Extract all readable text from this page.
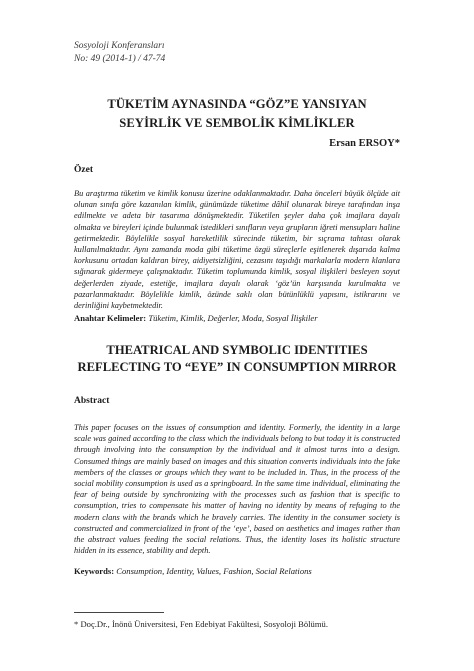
Sosyoloji Konferansları
No: 49 (2014-1) / 47-74
TÜKETİM AYNASINDA “GÖZ”E YANSIYAN
SEYİRLİK VE SEMBOLİK KİMLİKLER
Ersan ERSOY*
Özet
Bu araştırma tüketim ve kimlik konusu üzerine odaklanmaktadır. Daha önceleri büyük ölçüde ait olunan sınıfa göre kazanılan kimlik, günümüzde tüketime dâhil olunarak bireye tarafından inşa edilmekte ve adeta bir tasarıma dönüşmektedir. Tüketilen şeyler daha çok imajlara dayalı olmakta ve bireyleri içinde bulunmak istedikleri sınıfların veya grupların iğreti mensupları haline getirmektedir. Böylelikle sosyal hareketlilik sürecinde tüketim, bir sıçrama tahtası olarak kullanılmaktadır. Aynı zamanda moda gibi tüketime özgü süreçlerle eşitlenerek dışarıda kalma korkusunu ortadan kaldıran birey, aidiyetsizliğini, cezasını taşıdığı markalarla modern klanlara sığınarak gidermeye çalışmaktadır. Tüketim toplumunda kimlik, sosyal ilişkileri besleyen soyut değerlerden ziyade, estetiğe, imajlara dayalı olarak ‘göz’ün karşısında kurulmakta ve pazarlanmaktadır. Böylelikle kimlik, özünde saklı olan bütünlüklü yapısını, istikrarını ve derinliğini kaybetmektedir.
Anahtar Kelimeler: Tüketim, Kimlik, Değerler, Moda, Sosyal İlişkiler
THEATRICAL AND SYMBOLIC IDENTITIES
REFLECTING TO “EYE” IN CONSUMPTION MIRROR
Abstract
This paper focuses on the issues of consumption and identity. Formerly, the identity in a large scale was gained according to the class which the individuals belong to but today it is constructed through involving into the consumption by the individual and it almost turns into a design. Consumed things are mainly based on images and this situation converts individuals into the fake members of the classes or groups which they want to be included in. Thus, in the process of the social mobility consumption is used as a springboard. In the same time individual, eliminating the fear of being outside by synchronizing with the processes such as fashion that is specific to consumption, tries to compensate his matter of having no identity by means of refuging to the modern clans with the brands which he bravely carries. The identity in the consumer society is constructed and commercialized in front of the ‘eye’, based on aesthetics and images rather than the abstract values feeding the social relations. Thus, the identity loses its holistic structure hidden in its essence, stability and depth.
Keywords: Consumption, Identity, Values, Fashion, Social Relations
* Doç.Dr., İnönü Üniversitesi, Fen Edebiyat Fakültesi, Sosyoloji Bölümü.
